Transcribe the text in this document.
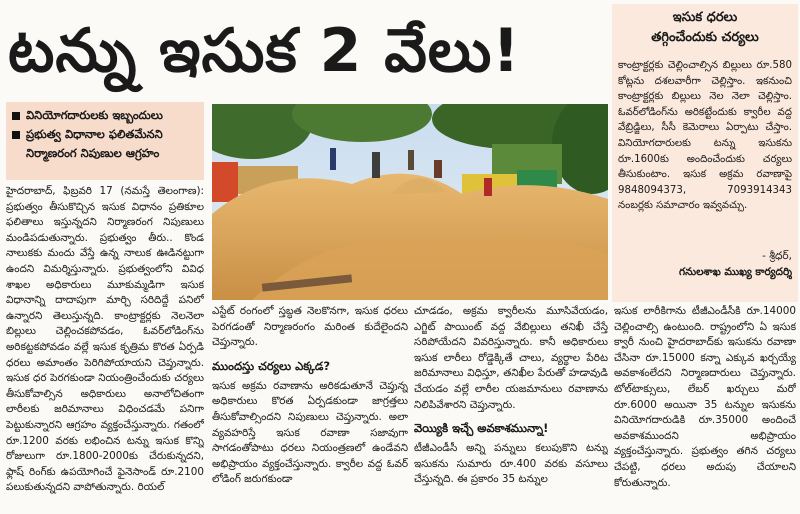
టన్ను ఇసుక 2 వేలు!	ఇసుక ధరలు
తగ్గించేందుకు చర్యలు
కాంట్రాక్టర్లకు చెల్లించాల్సిన బిల్లులు రూ.580 కోట్లను దశలవారీగా చెల్లిస్తాం. ఇకనుంచి కాంట్రాక్టర్లకు బిల్లులు నెల నెలా చెల్లిస్తాం. ఓవర్‌లోడింగ్‌ను అరికట్టేందుకు క్వారీల వద్ద వేబ్రిడ్జిలు, సీసీ కెమెరాలు ఏర్పాటు చేస్తాం. వినియోగదారులకు టన్ను ఇసుకను రూ.1600కు అందించేందుకు చర్యలు తీసుకుంటాం. ఇసుక అక్రమ రవాణాపై 9848094373, 7093914343 నంబర్లకు సమాచారం ఇవ్వవచ్చు.
- శ్రీధర్,
గనులశాఖ ముఖ్య కార్యదర్శి
వినియోగదారులకు ఇబ్బందులు
ప్రభుత్వ విధానాల ఫలితమేనని
నిర్మాణరంగ నిపుణుల ఆగ్రహం

హైదరాబాద్, ఫిబ్రవరి 17 (నమస్తే తెలంగాణ): ప్రభుత్వం తీసుకొచ్చిన ఇసుక విధానం ప్రతికూల ఫలితాలు ఇస్తున్నదని నిర్మాణరంగ నిపుణులు మండిపడుతున్నారు. ప్రభుత్వం తీరు.. కొండ నాలుకకు మందు వేస్తే ఉన్న నాలుక ఊడినట్టుగా ఉందని విమర్శిస్తున్నారు. ప్రభుత్వంలోని వివిధ శాఖల అధికారులు మూకుమ్మడిగా ఇసుక విధానాన్ని దాదాపుగా మార్చి సరిదిద్దే పనిలో ఉన్నారని తెలుస్తున్నది. కాంట్రాక్టర్లకు నెలనెలా బిల్లులు చెల్లించకపోవడం, ఓవర్‌లోడింగ్‌ను అరికట్టకపోవడం వల్లే ఇసుక కృత్రిమ కొరత ఏర్పడి ధరలు అమాంతం పెరిగిపోయాయని చెప్తున్నారు. ఇసుక ధర పెరగకుండా నియంత్రించేందుకు చర్యలు తీసుకోవాల్సిన అధికారులు అనాలోచితంగా లారీలకు జరిమానాలు విధించడమే పనిగా పెట్టుకున్నారని ఆగ్రహం వ్యక్తంచేస్తున్నారు. గతంలో రూ.1200 వరకు లభించిన టన్ను ఇసుక కొన్ని రోజులుగా రూ.1800-2000కు చేరుకున్నదని, ఫ్లాష్ రింగ్‌కు ఉపయోగించే ఫైనెసాండ్ రూ.2100 పలుకుతున్నదని వాపోతున్నారు. రియల్

ఎస్టేట్ రంగంలో స్తబ్ధత నెలకొనగా, ఇసుక ధరలు పెరగడంతో నిర్మాణరంగం మరింత కుదేలైందని చెప్తున్నారు.

ముందస్తు చర్యలు ఎక్కడ?

ఇసుక అక్రమ రవాణాను అరికడుతూనే చెప్తున్న అధికారులు కొరత ఏర్పడకుండా జాగ్రత్తలు తీసుకోవాల్సిందని నిపుణులు చెప్తున్నారు. అలా వ్యవహరిస్తే ఇసుక రవాణా సజావుగా సాగడంతోపాటు ధరలు నియంత్రణలో ఉండేవని అభిప్రాయం వ్యక్తంచేస్తున్నారు. క్వారీల వద్ద ఓవర్ లోడింగ్ జరుగకుండా

చూడడం, అక్రమ క్వారీలను మూసివేయడం, ఎగ్జిట్ పాయింట్ వద్ద వేబిల్లులు తనిఖీ చేస్తే సరిపోయేదని వివరిస్తున్నారు. కానీ అధికారులు ఇసుక లారీలు రోడ్డెక్కితే చాలు, వ్యర్థాల పేరిట జరిమానాలు విధిస్తూ, తనిఖీల పేరుతో హడావుడి చేయడం వల్లే లారీల యజమానులు రవాణాను నిలిపివేశారని చెప్తున్నారు.

వెయ్యికి ఇచ్చే అవకాశమున్నా!

టీజీఎండీసీ అన్ని పన్నులు కలుపుకొని టన్ను ఇసుకను సుమారు రూ.400 వరకు వసూలు చేస్తున్నది. ఈ ప్రకారం 35 టన్నుల

ఇసుక లారీకిగాను టీజీఎండీసీకి రూ.14000 చెల్లించాల్సి ఉంటుంది. రాష్ట్రంలోని ఏ ఇసుక క్వారీ నుంచి హైదరాబాద్‌కు ఇసుకను రవాణా చేసినా రూ.15000 కన్నా ఎక్కువ ఖర్చయ్యే అవకాశంలేదని నిర్మాణదారులు చెప్తున్నారు. టోల్‌టాక్సులు, లేబర్ ఖర్చులు మరో రూ.6000 అయినా 35 టన్నుల ఇసుకను వినియోగదారుడికి రూ.35000 అందించే అవకాశముందని అభిప్రాయం వ్యక్తంచేస్తున్నారు. ప్రభుత్వం తగిన చర్యలు చేపట్టి, ధరలు అదుపు చేయాలని కోరుతున్నారు.
